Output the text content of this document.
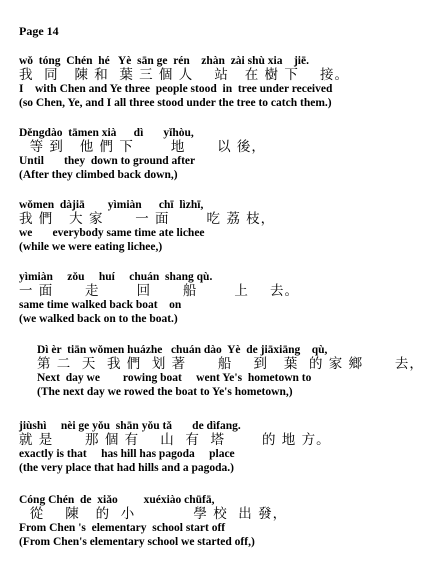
Page 14
wǒ  tóng  Chén  hé   Yè  sān ge  rén    zhàn  zài shù xia    jiē.
我  同   陳 和  葉 三 個 人    站   在 樹 下    接。
I    with Chen and Ye three  people stood  in  tree under received
(so Chen, Ye, and I all three stood under the tree to catch them.)
Děngdào  tāmen xià      dì       yǐhòu,
等 到   他 們 下       地      以 後，
Until       they  down to ground after
(After they climbed back down,)
wǒmen  dàjiā        yìmiàn      chī  lìzhī,
我 們   大 家      一 面       吃 荔 枝，
we       everybody same time ate lichee
(while we were eating lichee,)
yìmiàn     zǒu     huí     chuán  shang qù.
一 面      走       回      船       上    去。
same time walked back boat    on
(we walked back on to the boat.)
Dì èr  tiān wǒmen huázhe   chuán dào  Yè  de jiāxiāng    qù,
第 二  天  我 們  划 著      船    到   葉  的 家 鄉      去，
Next  day we        rowing boat     went Ye's  hometown to
(The next day we rowed the boat to Ye's hometown,)
jiùshì     nèi ge yǒu  shān yǒu tǎ       de dìfang.
就 是      那 個 有    山  有  塔       的 地 方。
exactly is that     has hill has pagoda     place
(the very place that had hills and a pagoda.)
Cóng Chén  de  xiǎo         xuéxiào chūfā,
從    陳   的  小           學 校  出 發，
From Chen 's  elementary  school start off
(From Chen's elementary school we started off,)
